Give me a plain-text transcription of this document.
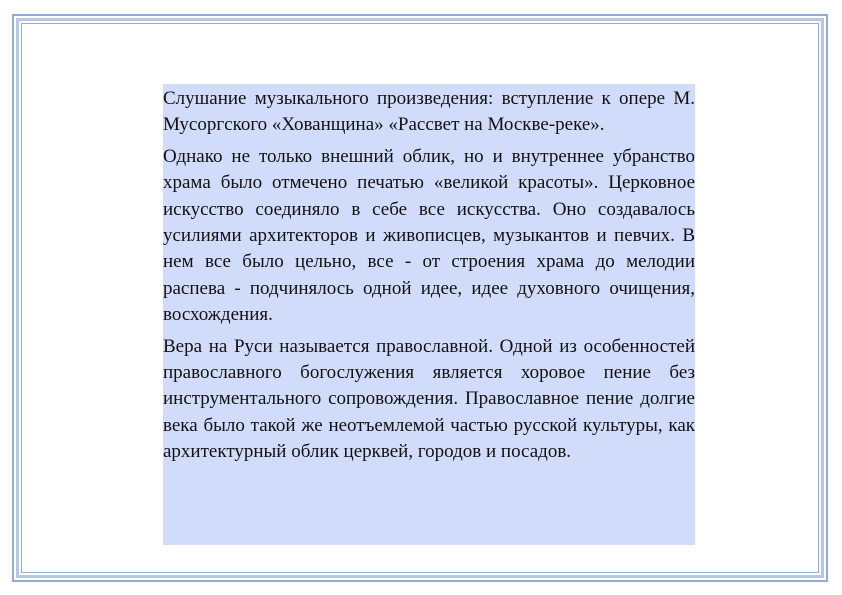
Слушание музыкального произведения: вступление к опере М. Мусоргского «Хованщина» «Рассвет на Москве-реке».

Однако не только внешний облик, но и внутреннее убранство храма было отмечено печатью «великой красоты». Церковное искусство соединяло в себе все искусства. Оно создавалось усилиями архитекторов и живописцев, музыкантов и певчих. В нем все было цельно, все - от строения храма до мелодии распева - подчинялось одной идее, идее духовного очищения, восхождения.

Вера на Руси называется православной. Одной из особенностей православного богослужения является хоровое пение без инструментального сопровождения. Православное пение долгие века было такой же неотъемлемой частью русской культуры, как архитектурный облик церквей, городов и посадов.
